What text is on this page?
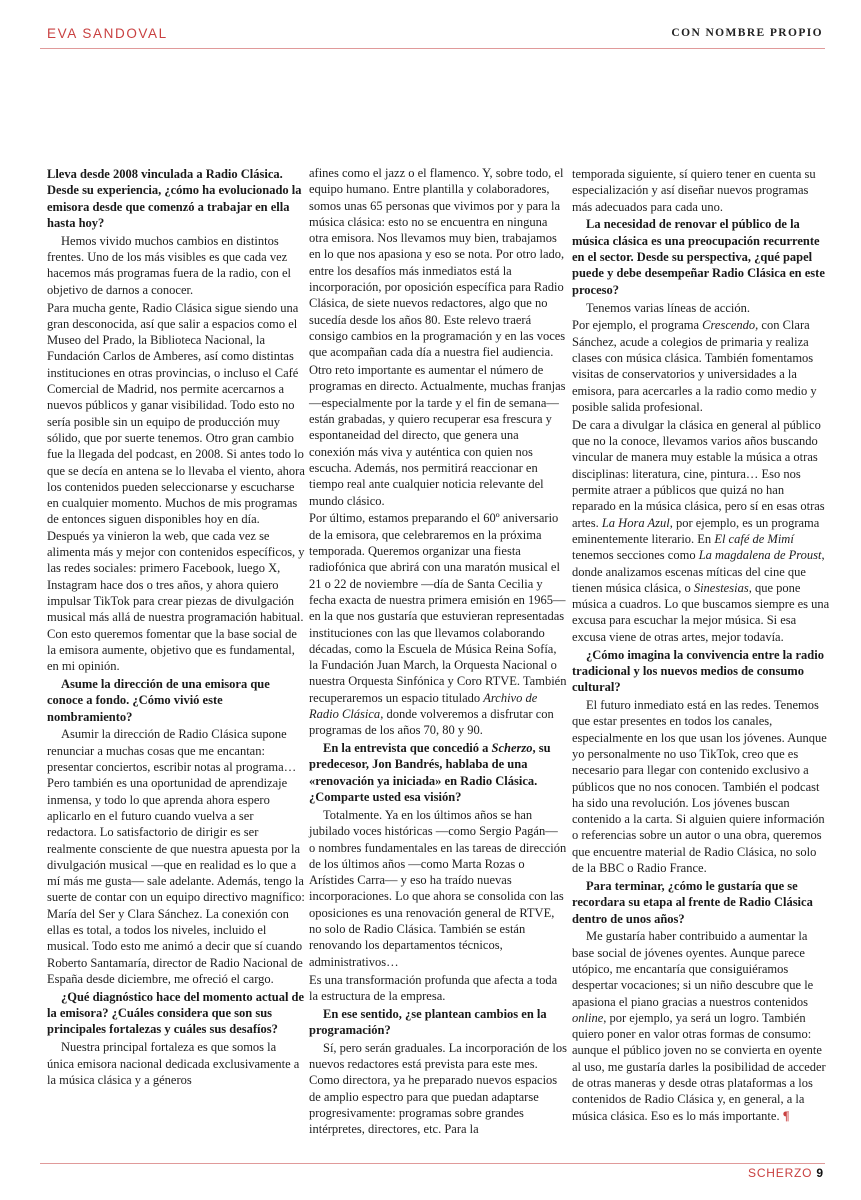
EVA SANDOVAL	CON NOMBRE PROPIO

Lleva desde 2008 vinculada a Radio Clásica. Desde su experiencia, ¿cómo ha evolucionado la emisora desde que comenzó a trabajar en ella hasta hoy?

Hemos vivido muchos cambios en distintos frentes. Uno de los más visibles es que cada vez hacemos más programas fuera de la radio, con el objetivo de darnos a conocer.

Para mucha gente, Radio Clásica sigue siendo una gran desconocida, así que salir a espacios como el Museo del Prado, la Biblioteca Nacional, la Fundación Carlos de Amberes, así como distintas instituciones en otras provincias, o incluso el Café Comercial de Madrid, nos permite acercarnos a nuevos públicos y ganar visibilidad. Todo esto no sería posible sin un equipo de producción muy sólido, que por suerte tenemos. Otro gran cambio fue la llegada del podcast, en 2008. Si antes todo lo que se decía en antena se lo llevaba el viento, ahora los contenidos pueden seleccionarse y escucharse en cualquier momento. Muchos de mis programas de entonces siguen disponibles hoy en día. Después ya vinieron la web, que cada vez se alimenta más y mejor con contenidos específicos, y las redes sociales: primero Facebook, luego X, Instagram hace dos o tres años, y ahora quiero impulsar TikTok para crear piezas de divulgación musical más allá de nuestra programación habitual. Con esto queremos fomentar que la base social de la emisora aumente, objetivo que es fundamental, en mi opinión.

Asume la dirección de una emisora que conoce a fondo. ¿Cómo vivió este nombramiento?

Asumir la dirección de Radio Clásica supone renunciar a muchas cosas que me encantan: presentar conciertos, escribir notas al programa… Pero también es una oportunidad de aprendizaje inmensa, y todo lo que aprenda ahora espero aplicarlo en el futuro cuando vuelva a ser redactora. Lo satisfactorio de dirigir es ser realmente consciente de que nuestra apuesta por la divulgación musical —que en realidad es lo que a mí más me gusta— sale adelante. Además, tengo la suerte de contar con un equipo directivo magnífico: María del Ser y Clara Sánchez. La conexión con ellas es total, a todos los niveles, incluido el musical. Todo esto me animó a decir que sí cuando Roberto Santamaría, director de Radio Nacional de España desde diciembre, me ofreció el cargo.

¿Qué diagnóstico hace del momento actual de la emisora? ¿Cuáles considera que son sus principales fortalezas y cuáles sus desafíos?

Nuestra principal fortaleza es que somos la única emisora nacional dedicada exclusivamente a la música clásica y a géneros

afines como el jazz o el flamenco. Y, sobre todo, el equipo humano. Entre plantilla y colaboradores, somos unas 65 personas que vivimos por y para la música clásica: esto no se encuentra en ninguna otra emisora. Nos llevamos muy bien, trabajamos en lo que nos apasiona y eso se nota. Por otro lado, entre los desafíos más inmediatos está la incorporación, por oposición específica para Radio Clásica, de siete nuevos redactores, algo que no sucedía desde los años 80. Este relevo traerá consigo cambios en la programación y en las voces que acompañan cada día a nuestra fiel audiencia.

Otro reto importante es aumentar el número de programas en directo. Actualmente, muchas franjas —especialmente por la tarde y el fin de semana— están grabadas, y quiero recuperar esa frescura y espontaneidad del directo, que genera una conexión más viva y auténtica con quien nos escucha. Además, nos permitirá reaccionar en tiempo real ante cualquier noticia relevante del mundo clásico.

Por último, estamos preparando el 60º aniversario de la emisora, que celebraremos en la próxima temporada. Queremos organizar una fiesta radiofónica que abrirá con una maratón musical el 21 o 22 de noviembre —día de Santa Cecilia y fecha exacta de nuestra primera emisión en 1965— en la que nos gustaría que estuvieran representadas instituciones con las que llevamos colaborando décadas, como la Escuela de Música Reina Sofía, la Fundación Juan March, la Orquesta Nacional o nuestra Orquesta Sinfónica y Coro RTVE. También recuperaremos un espacio titulado Archivo de Radio Clásica, donde volveremos a disfrutar con programas de los años 70, 80 y 90.

En la entrevista que concedió a Scherzo, su predecesor, Jon Bandrés, hablaba de una «renovación ya iniciada» en Radio Clásica. ¿Comparte usted esa visión?

Totalmente. Ya en los últimos años se han jubilado voces históricas —como Sergio Pagán— o nombres fundamentales en las tareas de dirección de los últimos años —como Marta Rozas o Arístides Carra— y eso ha traído nuevas incorporaciones. Lo que ahora se consolida con las oposiciones es una renovación general de RTVE, no solo de Radio Clásica. También se están renovando los departamentos técnicos, administrativos…

Es una transformación profunda que afecta a toda la estructura de la empresa.

En ese sentido, ¿se plantean cambios en la programación?

Sí, pero serán graduales. La incorporación de los nuevos redactores está prevista para este mes. Como directora, ya he preparado nuevos espacios de amplio espectro para que puedan adaptarse progresivamente: programas sobre grandes intérpretes, directores, etc. Para la

temporada siguiente, sí quiero tener en cuenta su especialización y así diseñar nuevos programas más adecuados para cada uno.

La necesidad de renovar el público de la música clásica es una preocupación recurrente en el sector. Desde su perspectiva, ¿qué papel puede y debe desempeñar Radio Clásica en este proceso?

Tenemos varias líneas de acción.

Por ejemplo, el programa Crescendo, con Clara Sánchez, acude a colegios de primaria y realiza clases con música clásica. También fomentamos visitas de conservatorios y universidades a la emisora, para acercarles a la radio como medio y posible salida profesional.

De cara a divulgar la clásica en general al público que no la conoce, llevamos varios años buscando vincular de manera muy estable la música a otras disciplinas: literatura, cine, pintura… Eso nos permite atraer a públicos que quizá no han reparado en la música clásica, pero sí en esas otras artes. La Hora Azul, por ejemplo, es un programa eminentemente literario. En El café de Mimí tenemos secciones como La magdalena de Proust, donde analizamos escenas míticas del cine que tienen música clásica, o Sinestesias, que pone música a cuadros. Lo que buscamos siempre es una excusa para escuchar la mejor música. Si esa excusa viene de otras artes, mejor todavía.

¿Cómo imagina la convivencia entre la radio tradicional y los nuevos medios de consumo cultural?

El futuro inmediato está en las redes. Tenemos que estar presentes en todos los canales, especialmente en los que usan los jóvenes. Aunque yo personalmente no uso TikTok, creo que es necesario para llegar con contenido exclusivo a públicos que no nos conocen. También el podcast ha sido una revolución. Los jóvenes buscan contenido a la carta. Si alguien quiere información o referencias sobre un autor o una obra, queremos que encuentre material de Radio Clásica, no solo de la BBC o Radio France.

Para terminar, ¿cómo le gustaría que se recordara su etapa al frente de Radio Clásica dentro de unos años?

Me gustaría haber contribuido a aumentar la base social de jóvenes oyentes. Aunque parece utópico, me encantaría que consiguiéramos despertar vocaciones; si un niño descubre que le apasiona el piano gracias a nuestros contenidos online, por ejemplo, ya será un logro. También quiero poner en valor otras formas de consumo: aunque el público joven no se convierta en oyente al uso, me gustaría darles la posibilidad de acceder de otras maneras y desde otras plataformas a los contenidos de Radio Clásica y, en general, a la música clásica. Eso es lo más importante. ¶

SCHERZO 9
